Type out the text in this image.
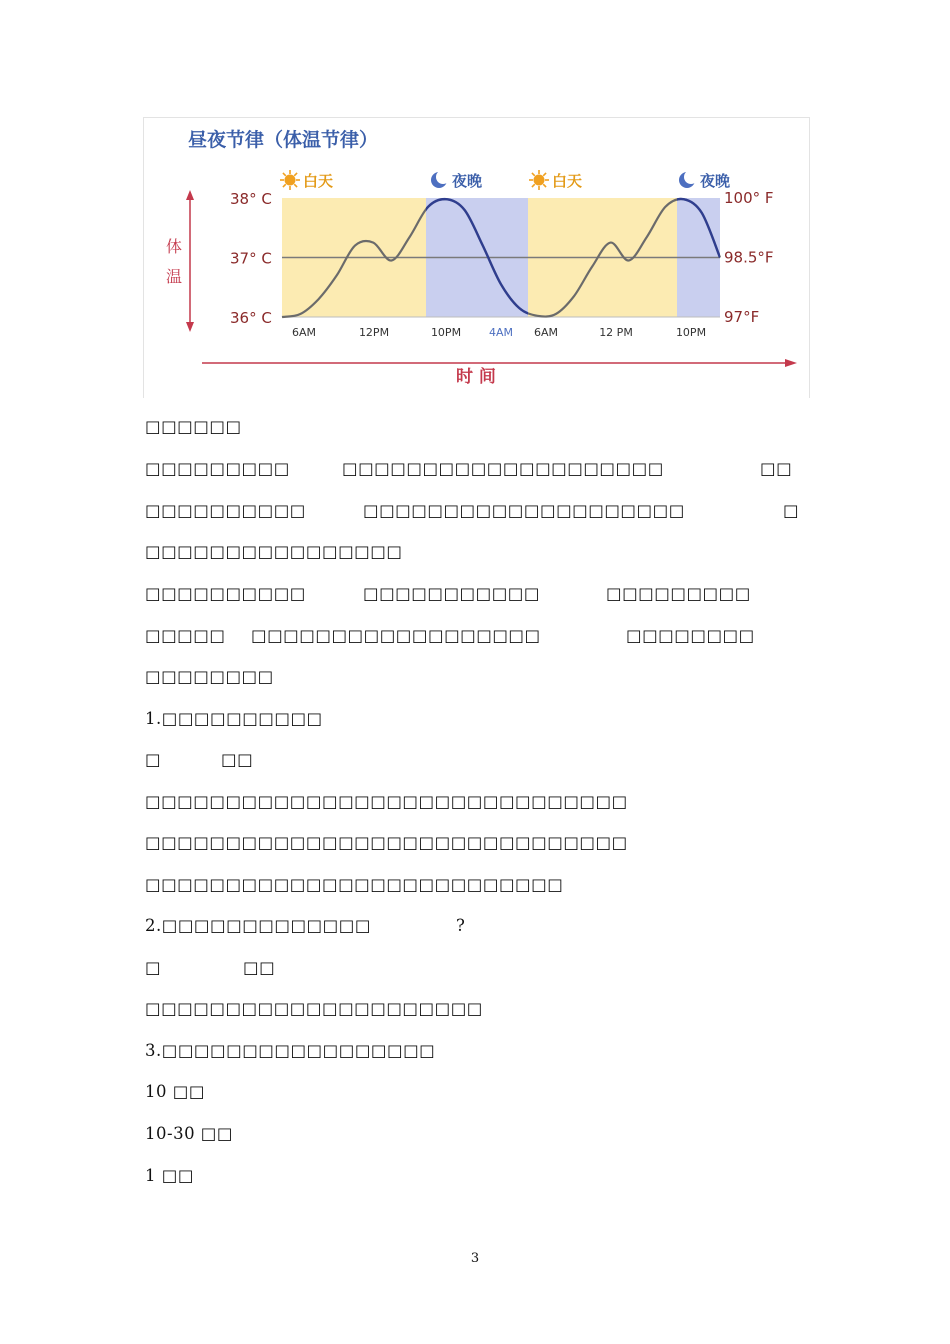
昼夜节律（体温节律）
体
温
时 间
38° C
37° C
36° C
100° F
98.5°F
97°F
6AM	12PM	10PM	4AM 6AM	12 PM	10PM
白天	夜晚	白天	夜晚
□□□□□□

□□□□□□□□□

	□□□□□□□□□□□□□□□□□□□□

	□□

□□□□□□□□□□

	□□□□□□□□□□□□□□□□□□□□

	□

□□□□□□□□□□□□□□□□

□□□□□□□□□□

	□□□□□□□□□□□

	□□□□□□□□□

□□□□□

□□□□□□□□□□□□□□□□□□

	□□□□□□□□

□□□□□□□□
1.□□□□□□□□□□

□

	□□

□□□□□□□□□□□□□□□□□□□□□□□□□□□□□□
□□□□□□□□□□□□□□□□□□□□□□□□□□□□□□
□□□□□□□□□□□□□□□□□□□□□□□□□□

2.□□□□□□□□□□□□□

	?

□

	□□

□□□□□□□□□□□□□□□□□□□□□
3.□□□□□□□□□□□□□□□□□
10 □□
10-30 □□
1 □□
3
